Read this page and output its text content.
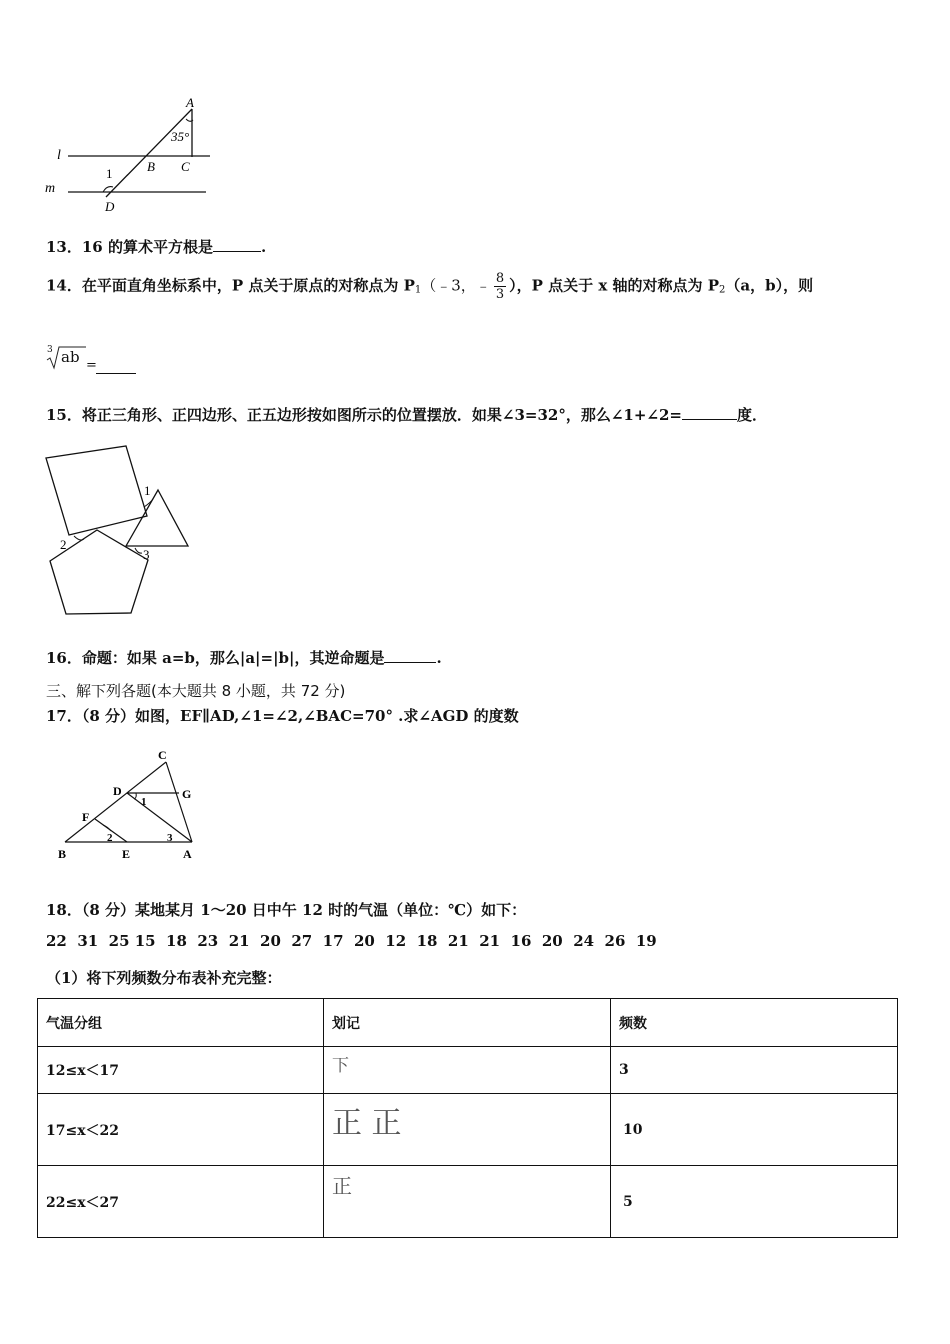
A
35°
l
B C
1
m
D
13．16 的算术平方根是	.
14．在平面直角坐标系中，P 点关于原点的对称点为 $P_1(﹣3$，﹣ $\frac{8}{3}$ ），P 点关于 x 轴的对称点为 $P_2(a$，b），则
3 ab =
15．将正三角形、正四边形、正五边形按如图所示的位置摆放．如果∠3=32°，那么∠1+∠2=	度．
1
2
3
16．命题：如果 a=b，那么|a|=|b|，其逆命题是	.
三、解下列各题(本大题共 8 小题，共 72 分)
17．（8 分）如图，EF∥AD,∠1=∠2,∠BAC=70° .求∠AGD 的度数
C
D	G
1
F
2	3
B	E	A
18．（8 分）某地某月 1～20 日中午 12 时的气温（单位：℃）如下：
22  31  25 15  18  23  21  20  27  17  20  12  18  21  21  16  20  24  26  19
（1）将下列频数分布表补充完整：
气温分组	划记	频数
12≤x＜17	下	3
17≤x＜22	正 正	10
22≤x＜27	正	5
